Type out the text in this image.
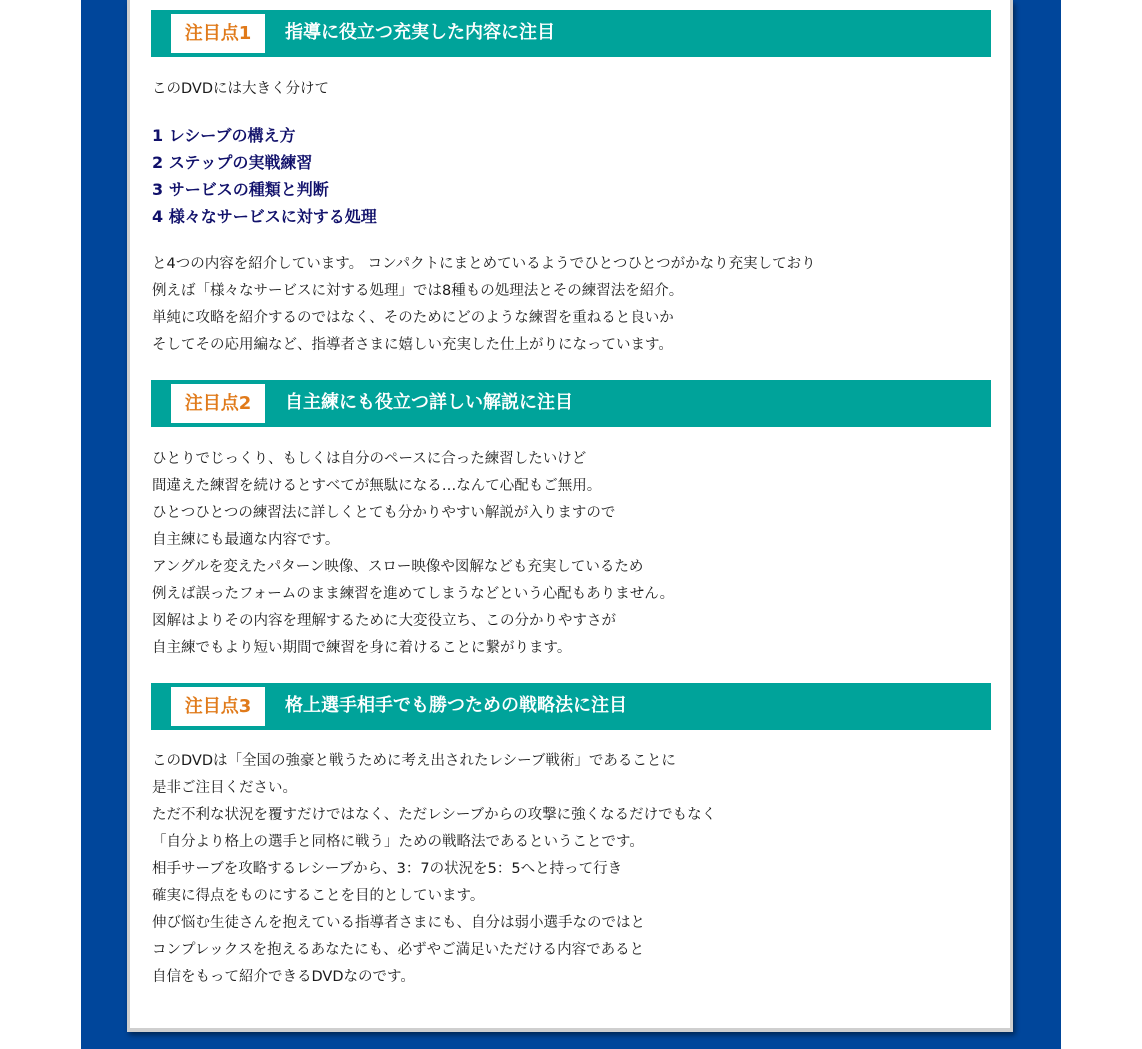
注目点1	指導に役立つ充実した内容に注目
このDVDには大きく分けて
1 レシーブの構え方
2 ステップの実戦練習
3 サービスの種類と判断
4 様々なサービスに対する処理
と4つの内容を紹介しています。 コンパクトにまとめているようでひとつひとつがかなり充実しており
例えば「様々なサービスに対する処理」では8種もの処理法とその練習法を紹介。
単純に攻略を紹介するのではなく、そのためにどのような練習を重ねると良いか
そしてその応用編など、指導者さまに嬉しい充実した仕上がりになっています。
注目点2	自主練にも役立つ詳しい解説に注目
ひとりでじっくり、もしくは自分のペースに合った練習したいけど
間違えた練習を続けるとすべてが無駄になる…なんて心配もご無用。
ひとつひとつの練習法に詳しくとても分かりやすい解説が入りますので
自主練にも最適な内容です。
アングルを変えたパターン映像、スロー映像や図解なども充実しているため
例えば誤ったフォームのまま練習を進めてしまうなどという心配もありません。
図解はよりその内容を理解するために大変役立ち、この分かりやすさが
自主練でもより短い期間で練習を身に着けることに繋がります。
注目点3	格上選手相手でも勝つための戦略法に注目
このDVDは「全国の強豪と戦うために考え出されたレシーブ戦術」であることに
是非ご注目ください。
ただ不利な状況を覆すだけではなく、ただレシーブからの攻撃に強くなるだけでもなく
「自分より格上の選手と同格に戦う」ための戦略法であるということです。
相手サーブを攻略するレシーブから、3：7の状況を5：5へと持って行き
確実に得点をものにすることを目的としています。
伸び悩む生徒さんを抱えている指導者さまにも、自分は弱小選手なのではと
コンプレックスを抱えるあなたにも、必ずやご満足いただける内容であると
自信をもって紹介できるDVDなのです。
